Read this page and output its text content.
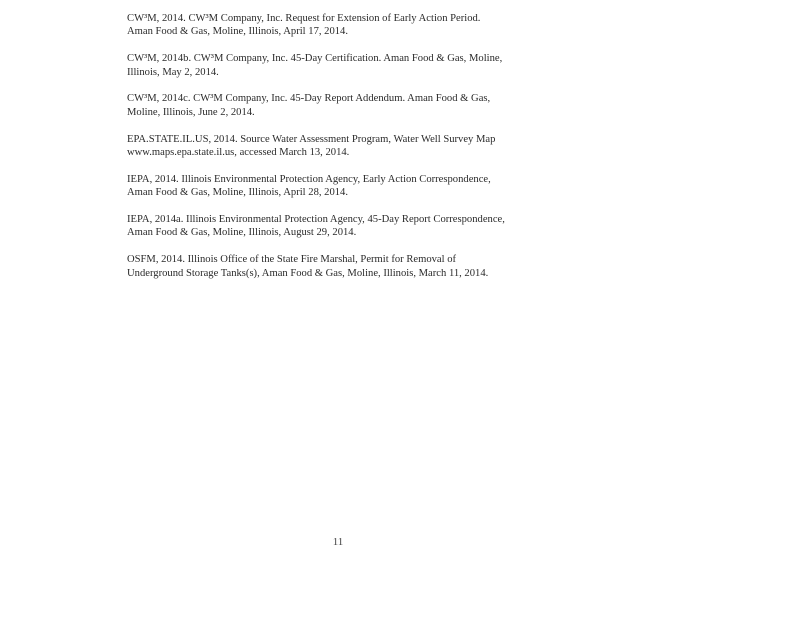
CW³M, 2014. CW³M Company, Inc. Request for Extension of Early Action Period.
Aman Food & Gas, Moline, Illinois, April 17, 2014.

CW³M, 2014b. CW³M Company, Inc. 45-Day Certification. Aman Food & Gas, Moline,
Illinois, May 2, 2014.

CW³M, 2014c. CW³M Company, Inc. 45-Day Report Addendum. Aman Food & Gas,
Moline, Illinois, June 2, 2014.

EPA.STATE.IL.US, 2014. Source Water Assessment Program, Water Well Survey Map
www.maps.epa.state.il.us, accessed March 13, 2014.

IEPA, 2014. Illinois Environmental Protection Agency, Early Action Correspondence,
Aman Food & Gas, Moline, Illinois, April 28, 2014.

IEPA, 2014a. Illinois Environmental Protection Agency, 45-Day Report Correspondence,
Aman Food & Gas, Moline, Illinois, August 29, 2014.

OSFM, 2014. Illinois Office of the State Fire Marshal, Permit for Removal of
Underground Storage Tanks(s), Aman Food & Gas, Moline, Illinois, March 11, 2014.

11
